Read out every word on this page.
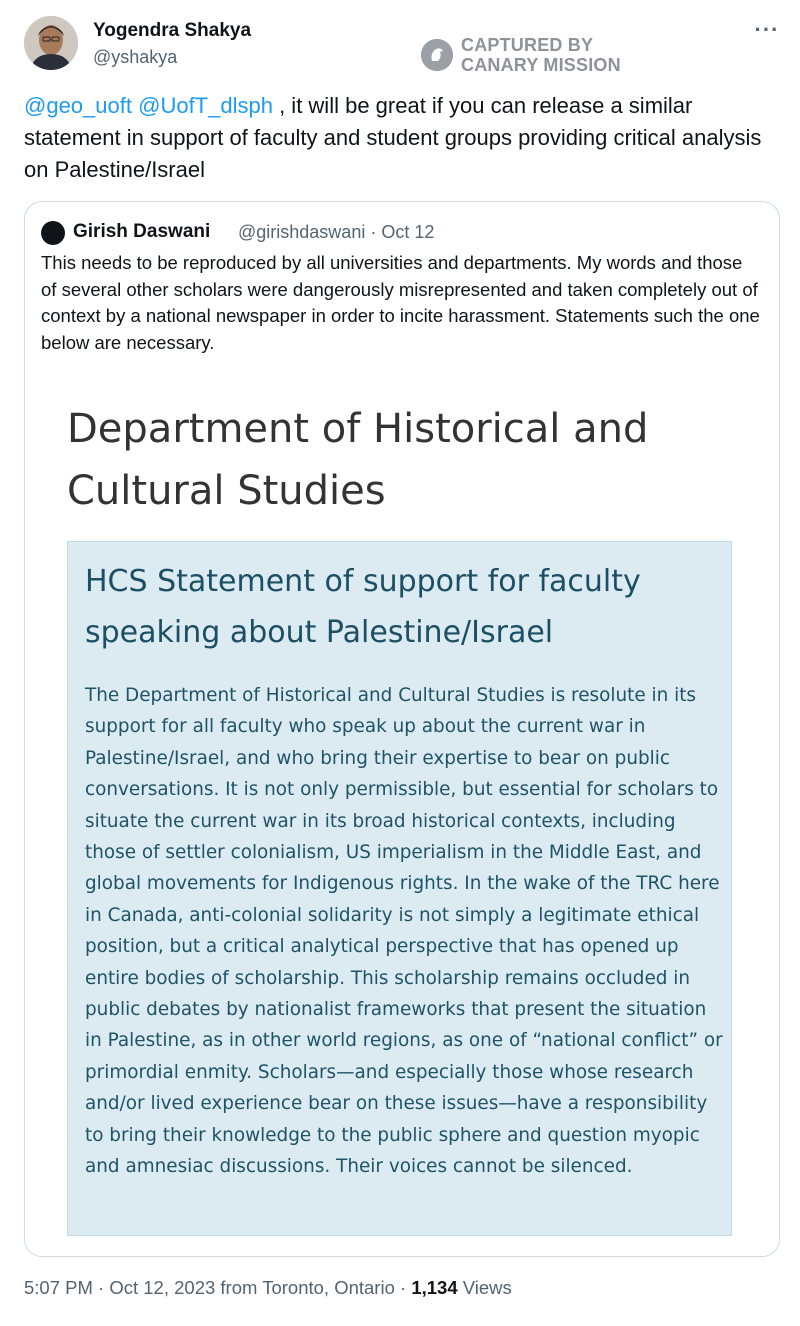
Yogendra Shakya
@yshakya
CAPTURED BY
CANARY MISSION
···
@geo_uoft @UofT_dlsph , it will be great if you can release a similar statement in support of faculty and student groups providing critical analysis on Palestine/Israel
Girish Daswani @girishdaswani · Oct 12
This needs to be reproduced by all universities and departments. My words and those of several other scholars were dangerously misrepresented and taken completely out of context by a national newspaper in order to incite harassment. Statements such the one below are necessary.
Department of Historical and Cultural Studies
HCS Statement of support for faculty speaking about Palestine/Israel
The Department of Historical and Cultural Studies is resolute in its support for all faculty who speak up about the current war in Palestine/Israel, and who bring their expertise to bear on public conversations. It is not only permissible, but essential for scholars to situate the current war in its broad historical contexts, including those of settler colonialism, US imperialism in the Middle East, and global movements for Indigenous rights. In the wake of the TRC here in Canada, anti-colonial solidarity is not simply a legitimate ethical position, but a critical analytical perspective that has opened up entire bodies of scholarship. This scholarship remains occluded in public debates by nationalist frameworks that present the situation in Palestine, as in other world regions, as one of “national conflict” or primordial enmity. Scholars—and especially those whose research and/or lived experience bear on these issues—have a responsibility to bring their knowledge to the public sphere and question myopic and amnesiac discussions. Their voices cannot be silenced.
5:07 PM · Oct 12, 2023 from Toronto, Ontario · 1,134 Views
